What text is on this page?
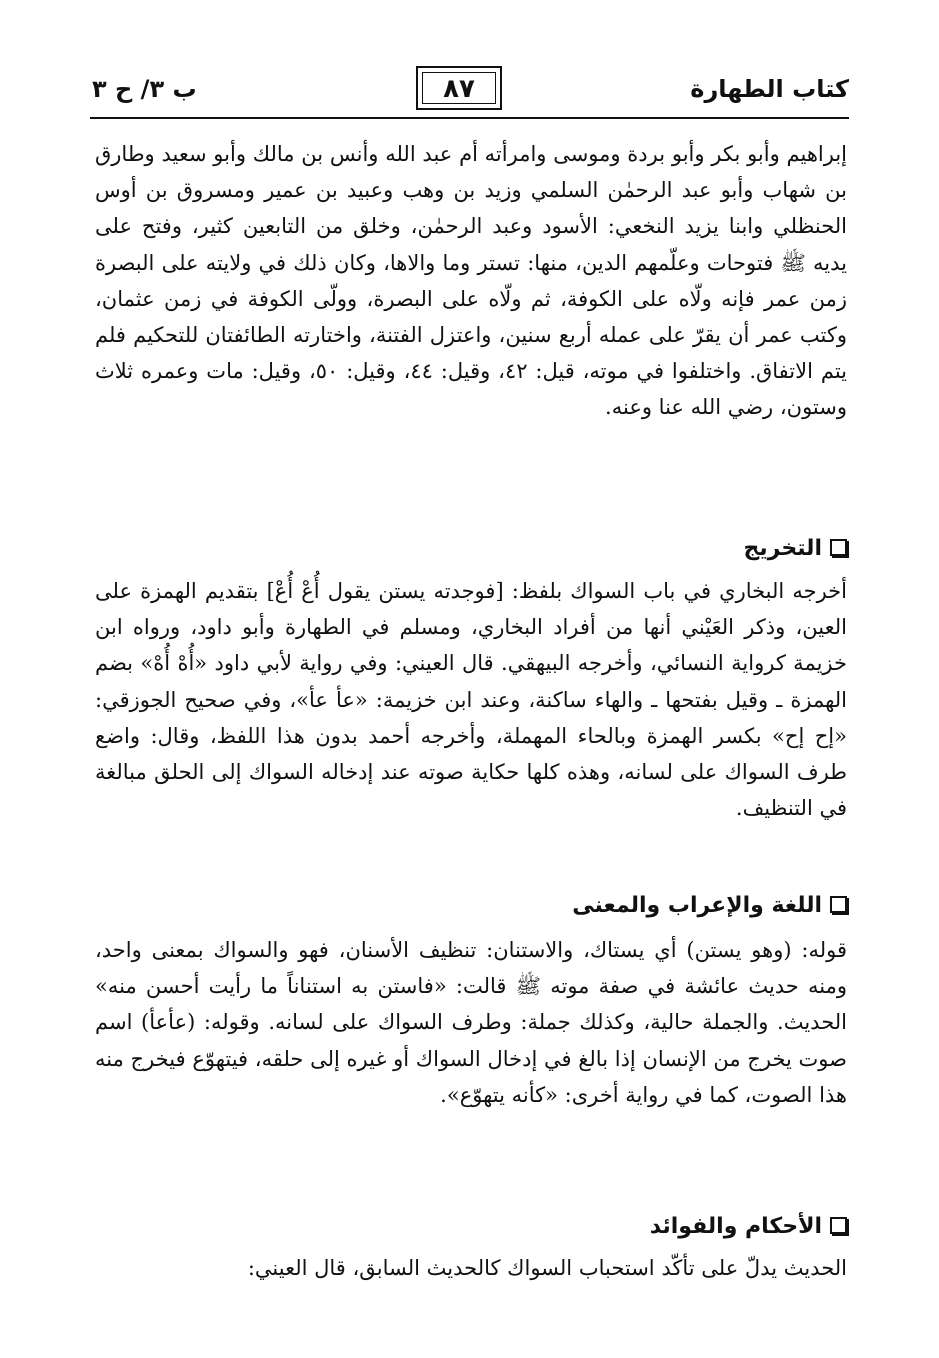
كتاب الطهارة
٨٧
ب ٣/ ح ٣
إبراهيم وأبو بكر وأبو بردة وموسى وامرأته أم عبد الله وأنس بن مالك وأبو سعيد وطارق بن شهاب وأبو عبد الرحمٰن السلمي وزيد بن وهب وعبيد بن عمير ومسروق بن أوس الحنظلي وابنا يزيد النخعي: الأسود وعبد الرحمٰن، وخلق من التابعين كثير، وفتح على يديه ﷺ فتوحات وعلّمهم الدين، منها: تستر وما والاها، وكان ذلك في ولايته على البصرة زمن عمر فإنه ولّاه على الكوفة، ثم ولّاه على البصرة، وولّى الكوفة في زمن عثمان، وكتب عمر أن يقرّ على عمله أربع سنين، واعتزل الفتنة، واختارته الطائفتان للتحكيم فلم يتم الاتفاق. واختلفوا في موته، قيل: ٤٢، وقيل: ٤٤، وقيل: ٥٠، وقيل: مات وعمره ثلاث وستون، رضي الله عنا وعنه.
التخريج
أخرجه البخاري في باب السواك بلفظ: [فوجدته يستن يقول أُعْ أُعْ] بتقديم الهمزة على العين، وذكر العَيْني أنها من أفراد البخاري، ومسلم في الطهارة وأبو داود، ورواه ابن خزيمة كرواية النسائي، وأخرجه البيهقي. قال العيني: وفي رواية لأبي داود «أُهْ أُهْ» بضم الهمزة ـ وقيل بفتحها ـ والهاء ساكنة، وعند ابن خزيمة: «عأ عأ»، وفي صحيح الجوزقي: «إح إح» بكسر الهمزة وبالحاء المهملة، وأخرجه أحمد بدون هذا اللفظ، وقال: واضع طرف السواك على لسانه، وهذه كلها حكاية صوته عند إدخاله السواك إلى الحلق مبالغة في التنظيف.
اللغة والإعراب والمعنى
قوله: (وهو يستن) أي يستاك، والاستنان: تنظيف الأسنان، فهو والسواك بمعنى واحد، ومنه حديث عائشة في صفة موته ﷺ قالت: «فاستن به استناناً ما رأيت أحسن منه» الحديث. والجملة حالية، وكذلك جملة: وطرف السواك على لسانه. وقوله: (عأعأ) اسم صوت يخرج من الإنسان إذا بالغ في إدخال السواك أو غيره إلى حلقه، فيتهوّع فيخرج منه هذا الصوت، كما في رواية أخرى: «كأنه يتهوّع».
الأحكام والفوائد
الحديث يدلّ على تأكّد استحباب السواك كالحديث السابق، قال العيني:
